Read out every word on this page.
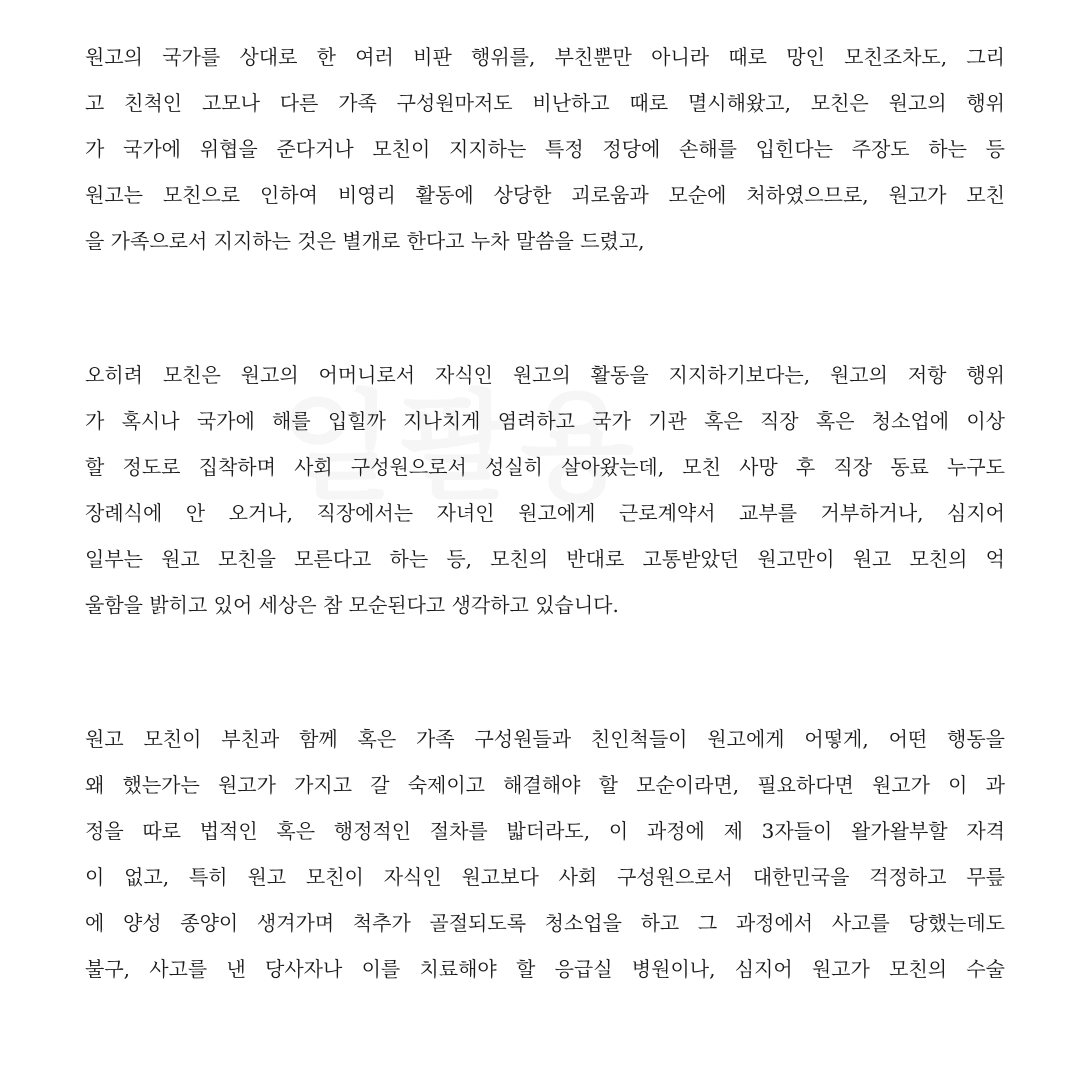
원고의 국가를 상대로 한 여러 비판 행위를, 부친뿐만 아니라 때로 망인 모친조차도, 그리
고 친척인 고모나 다른 가족 구성원마저도 비난하고 때로 멸시해왔고, 모친은 원고의 행위
가 국가에 위협을 준다거나 모친이 지지하는 특정 정당에 손해를 입힌다는 주장도 하는 등
원고는 모친으로 인하여 비영리 활동에 상당한 괴로움과 모순에 처하였으므로, 원고가 모친
을 가족으로서 지지하는 것은 별개로 한다고 누차 말씀을 드렸고,
오히려 모친은 원고의 어머니로서 자식인 원고의 활동을 지지하기보다는, 원고의 저항 행위
가 혹시나 국가에 해를 입힐까 지나치게 염려하고 국가 기관 혹은 직장 혹은 청소업에 이상
할 정도로 집착하며 사회 구성원으로서 성실히 살아왔는데, 모친 사망 후 직장 동료 누구도
장례식에 안 오거나, 직장에서는 자녀인 원고에게 근로계약서 교부를 거부하거나, 심지어
일부는 원고 모친을 모른다고 하는 등, 모친의 반대로 고통받았던 원고만이 원고 모친의 억
울함을 밝히고 있어 세상은 참 모순된다고 생각하고 있습니다.
원고 모친이 부친과 함께 혹은 가족 구성원들과 친인척들이 원고에게 어떻게, 어떤 행동을
왜 했는가는 원고가 가지고 갈 숙제이고 해결해야 할 모순이라면, 필요하다면 원고가 이 과
정을 따로 법적인 혹은 행정적인 절차를 밟더라도, 이 과정에 제 3자들이 왈가왈부할 자격
이 없고, 특히 원고 모친이 자식인 원고보다 사회 구성원으로서 대한민국을 걱정하고 무릎
에 양성 종양이 생겨가며 척추가 골절되도록 청소업을 하고 그 과정에서 사고를 당했는데도
불구, 사고를 낸 당사자나 이를 치료해야 할 응급실 병원이나, 심지어 원고가 모친의 수술
